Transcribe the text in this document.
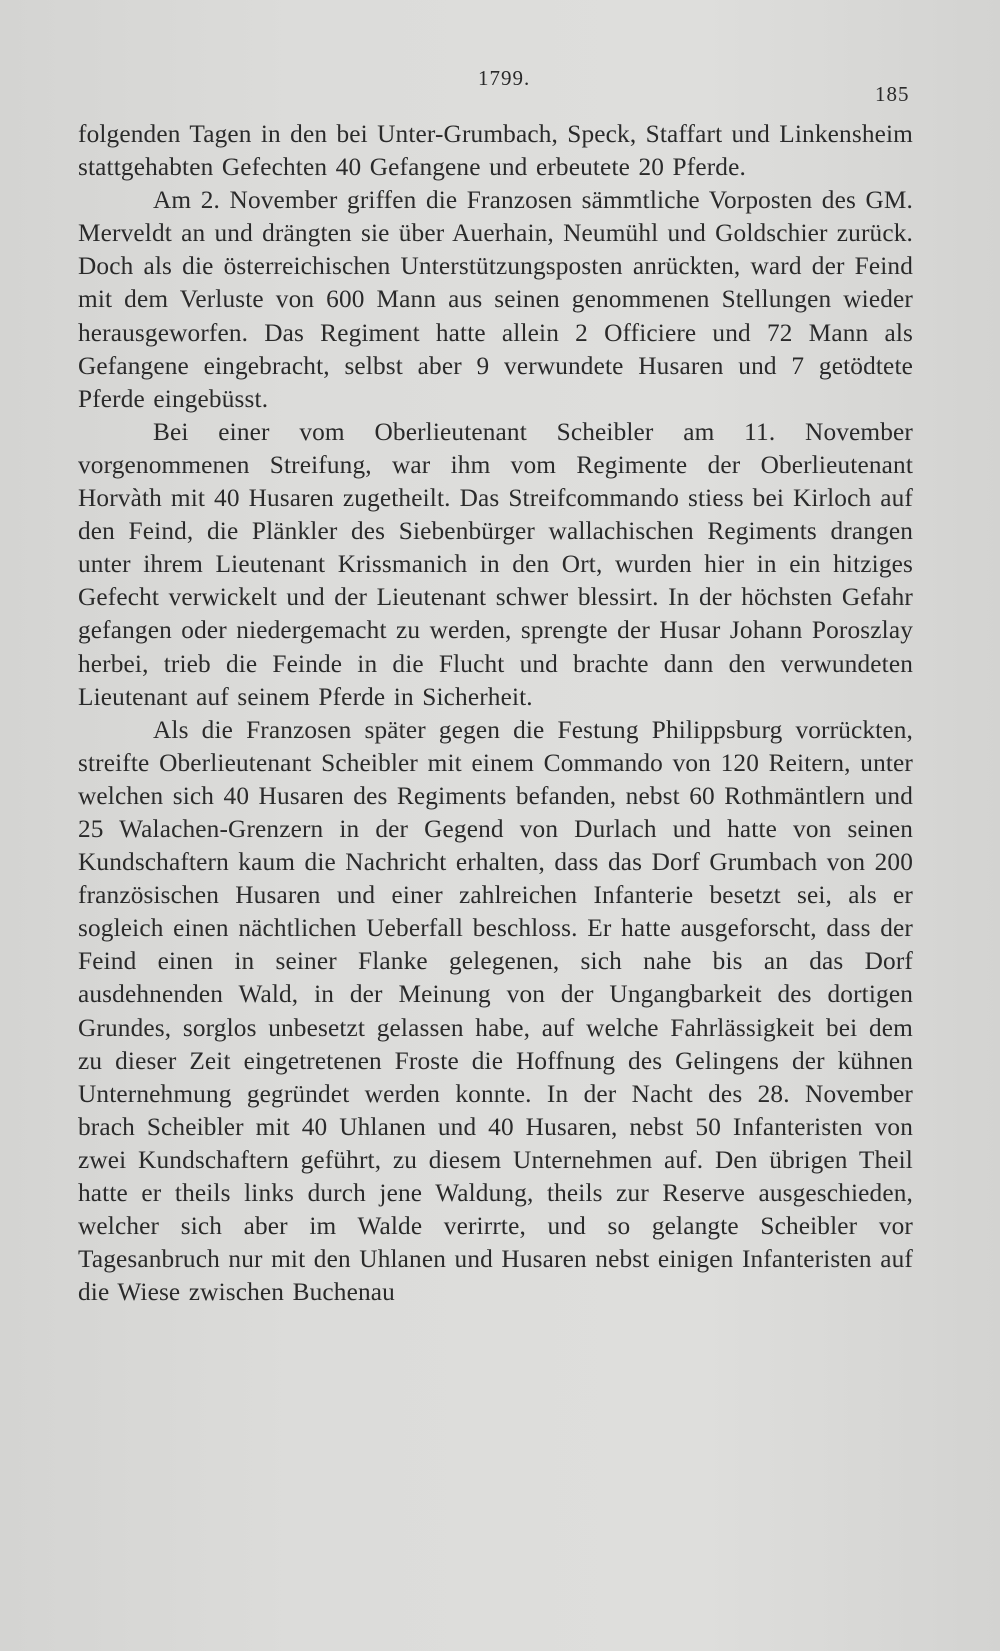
1799.
185

folgenden Tagen in den bei Unter-Grumbach, Speck, Staffart und Linkensheim stattgehabten Gefechten 40 Gefangene und erbeutete 20 Pferde.

Am 2. November griffen die Franzosen sämmtliche Vorposten des GM. Merveldt an und drängten sie über Auerhain, Neumühl und Goldschier zurück. Doch als die österreichischen Unterstützungsposten anrückten, ward der Feind mit dem Verluste von 600 Mann aus seinen genommenen Stellungen wieder herausgeworfen. Das Regiment hatte allein 2 Officiere und 72 Mann als Gefangene eingebracht, selbst aber 9 verwundete Husaren und 7 getödtete Pferde eingebüsst.

Bei einer vom Oberlieutenant Scheibler am 11. November vorgenommenen Streifung, war ihm vom Regimente der Oberlieutenant Horvàth mit 40 Husaren zugetheilt. Das Streifcommando stiess bei Kirloch auf den Feind, die Plänkler des Siebenbürger wallachischen Regiments drangen unter ihrem Lieutenant Krissmanich in den Ort, wurden hier in ein hitziges Gefecht verwickelt und der Lieutenant schwer blessirt. In der höchsten Gefahr gefangen oder niedergemacht zu werden, sprengte der Husar Johann Poroszlay herbei, trieb die Feinde in die Flucht und brachte dann den verwundeten Lieutenant auf seinem Pferde in Sicherheit.

Als die Franzosen später gegen die Festung Philippsburg vorrückten, streifte Oberlieutenant Scheibler mit einem Commando von 120 Reitern, unter welchen sich 40 Husaren des Regiments befanden, nebst 60 Rothmäntlern und 25 Walachen-Grenzern in der Gegend von Durlach und hatte von seinen Kundschaftern kaum die Nachricht erhalten, dass das Dorf Grumbach von 200 französischen Husaren und einer zahlreichen Infanterie besetzt sei, als er sogleich einen nächtlichen Ueberfall beschloss. Er hatte ausgeforscht, dass der Feind einen in seiner Flanke gelegenen, sich nahe bis an das Dorf ausdehnenden Wald, in der Meinung von der Ungangbarkeit des dortigen Grundes, sorglos unbesetzt gelassen habe, auf welche Fahrlässigkeit bei dem zu dieser Zeit eingetretenen Froste die Hoffnung des Gelingens der kühnen Unternehmung gegründet werden konnte. In der Nacht des 28. November brach Scheibler mit 40 Uhlanen und 40 Husaren, nebst 50 Infanteristen von zwei Kundschaftern geführt, zu diesem Unternehmen auf. Den übrigen Theil hatte er theils links durch jene Waldung, theils zur Reserve ausgeschieden, welcher sich aber im Walde verirrte, und so gelangte Scheibler vor Tagesanbruch nur mit den Uhlanen und Husaren nebst einigen Infanteristen auf die Wiese zwischen Buchenau
